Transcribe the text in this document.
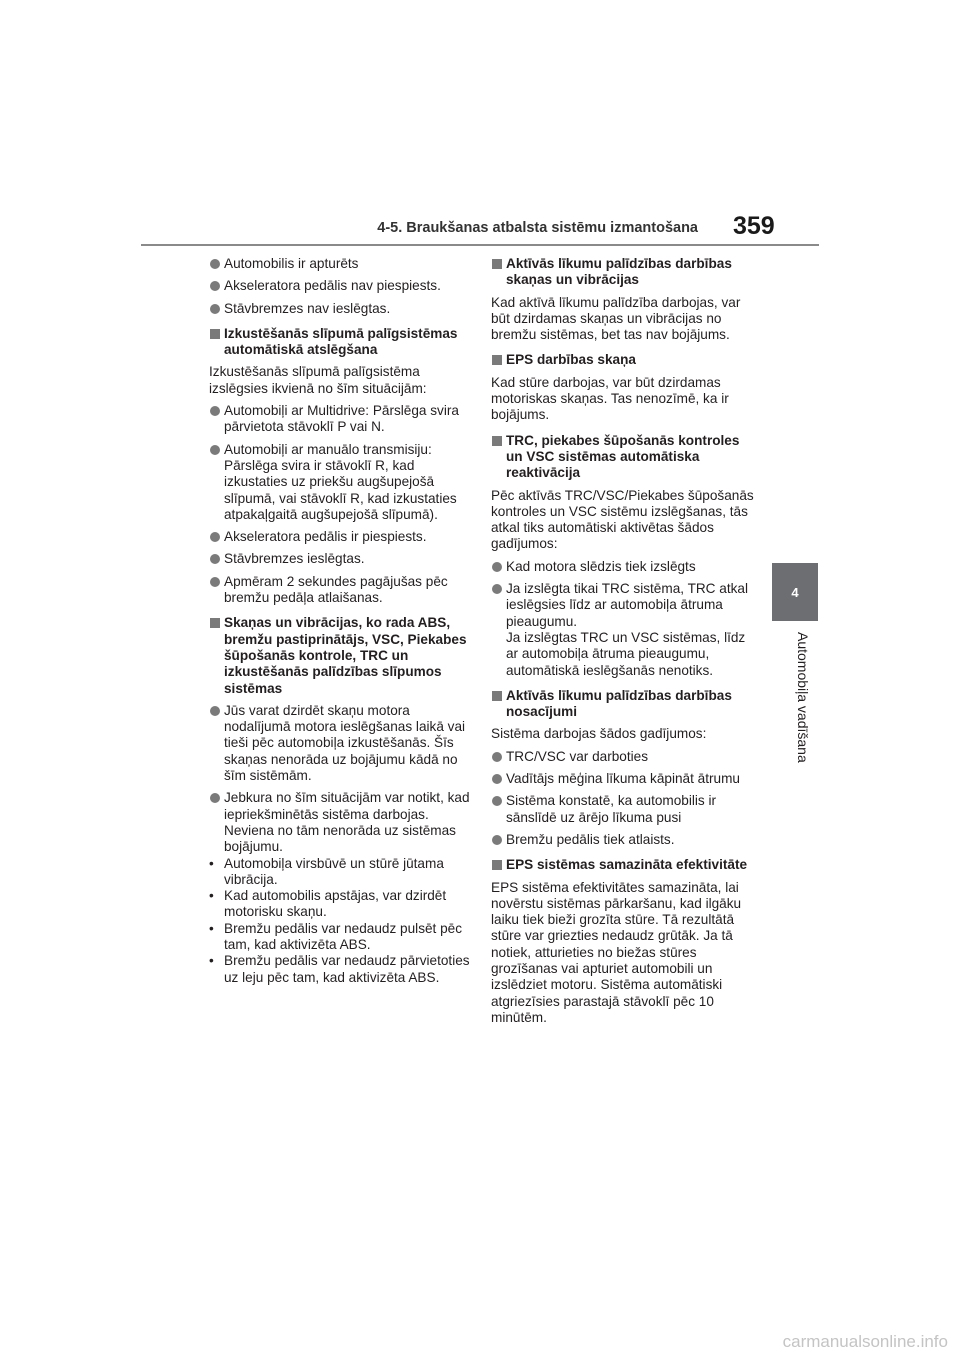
4-5. Braukšanas atbalsta sistēmu izmantošana 359
4
Automobiļa vadīšana
Automobilis ir apturēts
Akseleratora pedālis nav piespiests.
Stāvbremzes nav ieslēgtas.
Izkustēšanās slīpumā palīgsistēmas automātiskā atslēgšana

Izkustēšanās slīpumā palīgsistēma izslēgsies ikvienā no šīm situācijām:

Automobiļi ar Multidrive: Pārslēga svira pārvietota stāvoklī P vai N.
Automobiļi ar manuālo transmisiju: Pārslēga svira ir stāvoklī R, kad izkustaties uz priekšu augšupejošā slīpumā, vai stāvoklī R, kad izkustaties atpakaļgaitā augšupejošā slīpumā).
Akseleratora pedālis ir piespiests.
Stāvbremzes ieslēgtas.
Apmēram 2 sekundes pagājušas pēc bremžu pedāļa atlaišanas.
Skaņas un vibrācijas, ko rada ABS, bremžu pastiprinātājs, VSC, Piekabes šūpošanās kontrole, TRC un izkustēšanās palīdzības slīpumos sistēmas
Jūs varat dzirdēt skaņu motora nodalījumā motora ieslēgšanas laikā vai tieši pēc automobiļa izkustēšanās. Šīs skaņas nenorāda uz bojājumu kādā no šīm sistēmām.
Jebkura no šīm situācijām var notikt, kad iepriekšminētās sistēma darbojas. Neviena no tām nenorāda uz sistēmas bojājumu.
• Automobiļa virsbūvē un stūrē jūtama vibrācija.
• Kad automobilis apstājas, var dzirdēt motorisku skaņu.
• Bremžu pedālis var nedaudz pulsēt pēc tam, kad aktivizēta ABS.
• Bremžu pedālis var nedaudz pārvietoties uz leju pēc tam, kad aktivizēta ABS.
Aktīvās līkumu palīdzības darbības skaņas un vibrācijas

Kad aktīvā līkumu palīdzība darbojas, var būt dzirdamas skaņas un vibrācijas no bremžu sistēmas, bet tas nav bojājums.

EPS darbības skaņa

Kad stūre darbojas, var būt dzirdamas motoriskas skaņas. Tas nenozīmē, ka ir bojājums.

TRC, piekabes šūpošanās kontroles un VSC sistēmas automātiska reaktivācija

Pēc aktīvās TRC/VSC/Piekabes šūpošanās kontroles un VSC sistēmu izslēgšanas, tās atkal tiks automātiski aktivētas šādos gadījumos:

Kad motora slēdzis tiek izslēgts
Ja izslēgta tikai TRC sistēma, TRC atkal ieslēgsies līdz ar automobiļa ātruma pieaugumu.
Ja izslēgtas TRC un VSC sistēmas, līdz ar automobiļa ātruma pieaugumu, automātiskā ieslēgšanās nenotiks.
Aktīvās līkumu palīdzības darbības nosacījumi

Sistēma darbojas šādos gadījumos:

TRC/VSC var darboties
Vadītājs mēģina līkuma kāpināt ātrumu
Sistēma konstatē, ka automobilis ir sānslīdē uz ārējo līkuma pusi
Bremžu pedālis tiek atlaists.
EPS sistēmas samazināta efektivitāte

EPS sistēma efektivitātes samazināta, lai novērstu sistēmas pārkaršanu, kad ilgāku laiku tiek bieži grozīta stūre. Tā rezultātā stūre var griezties nedaudz grūtāk. Ja tā notiek, atturieties no biežas stūres grozīšanas vai apturiet automobili un izslēdziet motoru. Sistēma automātiski atgriezīsies parastajā stāvoklī pēc 10 minūtēm.

carmanualsonline.info
